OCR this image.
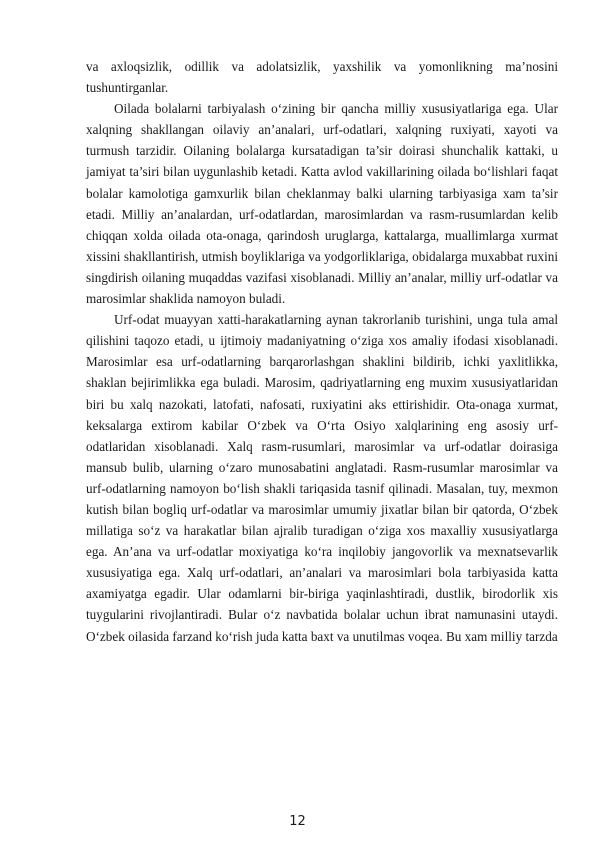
va axloqsizlik, odillik va adolatsizlik, yaxshilik va yomonlikning ma’nosini tushuntirganlar.

Oilada bolalarni tarbiyalash o‘zining bir qancha milliy xususiyatlariga ega. Ular xalqning shakllangan oilaviy an’analari, urf-odatlari, xalqning ruxiyati, xayoti va turmush tarzidir. Oilaning bolalarga kursatadigan ta’sir doirasi shunchalik kattaki, u jamiyat ta’siri bilan uygunlashib ketadi. Katta avlod vakillarining oilada bo‘lishlari faqat bolalar kamolotiga gamxurlik bilan cheklanmay balki ularning tarbiyasiga xam ta’sir etadi. Milliy an’analardan, urf-odatlardan, marosimlardan va rasm-rusumlardan kelib chiqqan xolda oilada ota-onaga, qarindosh uruglarga, kattalarga, muallimlarga xurmat xissini shakllantirish, utmish boyliklariga va yodgorliklariga, obidalarga muxabbat ruxini singdirish oilaning muqaddas vazifasi xisoblanadi. Milliy an’analar, milliy urf-odatlar va marosimlar shaklida namoyon buladi.

Urf-odat muayyan xatti-harakatlarning aynan takrorlanib turishini, unga tula amal qilishini taqozo etadi, u ijtimoiy madaniyatning o‘ziga xos amaliy ifodasi xisoblanadi. Marosimlar esa urf-odatlarning barqarorlashgan shaklini bildirib, ichki yaxlitlikka, shaklan bejirimlikka ega buladi. Marosim, qadriyatlarning eng muxim xususiyatlaridan biri bu xalq nazokati, latofati, nafosati, ruxiyatini aks ettirishidir. Ota-onaga xurmat, keksalarga extirom kabilar O‘zbek va O‘rta Osiyo xalqlarining eng asosiy urf-odatlaridan xisoblanadi. Xalq rasm-rusumlari, marosimlar va urf-odatlar doirasiga mansub bulib, ularning o‘zaro munosabatini anglatadi. Rasm-rusumlar marosimlar va urf-odatlarning namoyon bo‘lish shakli tariqasida tasnif qilinadi. Masalan, tuy, mexmon kutish bilan bogliq urf-odatlar va marosimlar umumiy jixatlar bilan bir qatorda, O‘zbek millatiga so‘z va harakatlar bilan ajralib turadigan o‘ziga xos maxalliy xususiyatlarga ega. An’ana va urf-odatlar moxiyatiga ko‘ra inqilobiy jangovorlik va mexnatsevarlik xususiyatiga ega. Xalq urf-odatlari, an’analari va marosimlari bola tarbiyasida katta axamiyatga egadir. Ular odamlarni bir-biriga yaqinlashtiradi, dustlik, birodorlik xis tuygularini rivojlantiradi. Bular o‘z navbatida bolalar uchun ibrat namunasini utaydi. O‘zbek oilasida farzand ko‘rish juda katta baxt va unutilmas voqea. Bu xam milliy tarzda

12
